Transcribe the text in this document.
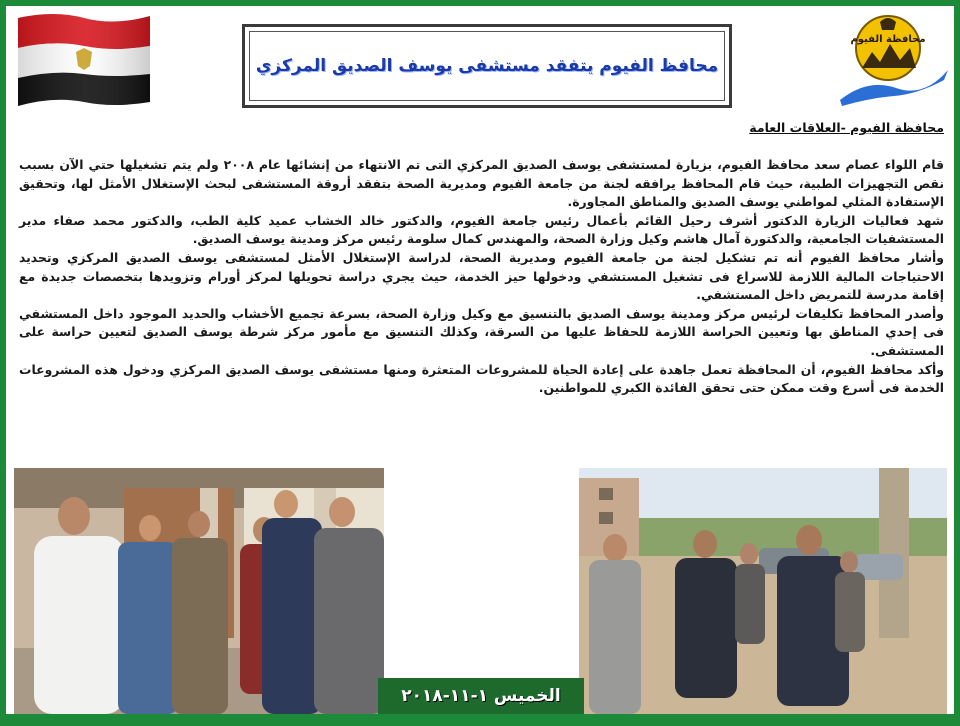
محافظ الفيوم يتفقد مستشفى يوسف الصديق المركزي
محافظة الفيوم
محافظة الفيوم -العلاقات العامة

قام اللواء عصام سعد محافظ الفيوم، بزيارة لمستشفى يوسف الصديق المركزي التى تم الانتهاء من إنشائها عام ٢٠٠٨ ولم يتم تشغيلها حتي الآن بسبب نقص التجهيزات الطبية، حيث قام المحافظ يرافقه لجنة من جامعة الفيوم ومديرية الصحة بتفقد أروقة المستشفى لبحث الإستغلال الأمثل لها، وتحقيق الإستفادة المثلي لمواطني يوسف الصديق والمناطق المجاورة.

شهد فعاليات الزيارة الدكتور أشرف رحيل القائم بأعمال رئيس جامعة الفيوم، والدكتور خالد الخشاب عميد كلية الطب، والدكتور محمد صفاء مدير المستشفيات الجامعية، والدكتورة آمال هاشم وكيل وزارة الصحة، والمهندس كمال سلومة رئيس مركز ومدينة يوسف الصديق.

وأشار محافظ الفيوم أنه تم تشكيل لجنة من جامعة الفيوم ومديرية الصحة، لدراسة الإستغلال الأمثل لمستشفى يوسف الصديق المركزي وتحديد الاحتياجات المالية اللازمة للاسراع فى تشغيل المستشفي ودخولها حيز الخدمة، حيث يجري دراسة تحويلها لمركز أورام وتزويدها بتخصصات جديدة مع إقامة مدرسة للتمريض داخل المستشفي.

وأصدر المحافظ تكليفات لرئيس مركز ومدينة يوسف الصديق بالتنسيق مع وكيل وزارة الصحة، بسرعة تجميع الأخشاب والحديد الموجود داخل المستشفي فى إحدي المناطق بها وتعيين الحراسة اللازمة للحفاظ عليها من السرقة، وكذلك التنسيق مع مأمور مركز شرطة يوسف الصديق لتعيين حراسة على المستشفى.

وأكد محافظ الفيوم، أن المحافظة تعمل جاهدة على إعادة الحياة للمشروعات المتعثرة ومنها مستشفى يوسف الصديق المركزي ودخول هذه المشروعات الخدمة فى أسرع وقت ممكن حتى تحقق الفائدة الكبري للمواطنين.

الخميس ١-١١-٢٠١٨
